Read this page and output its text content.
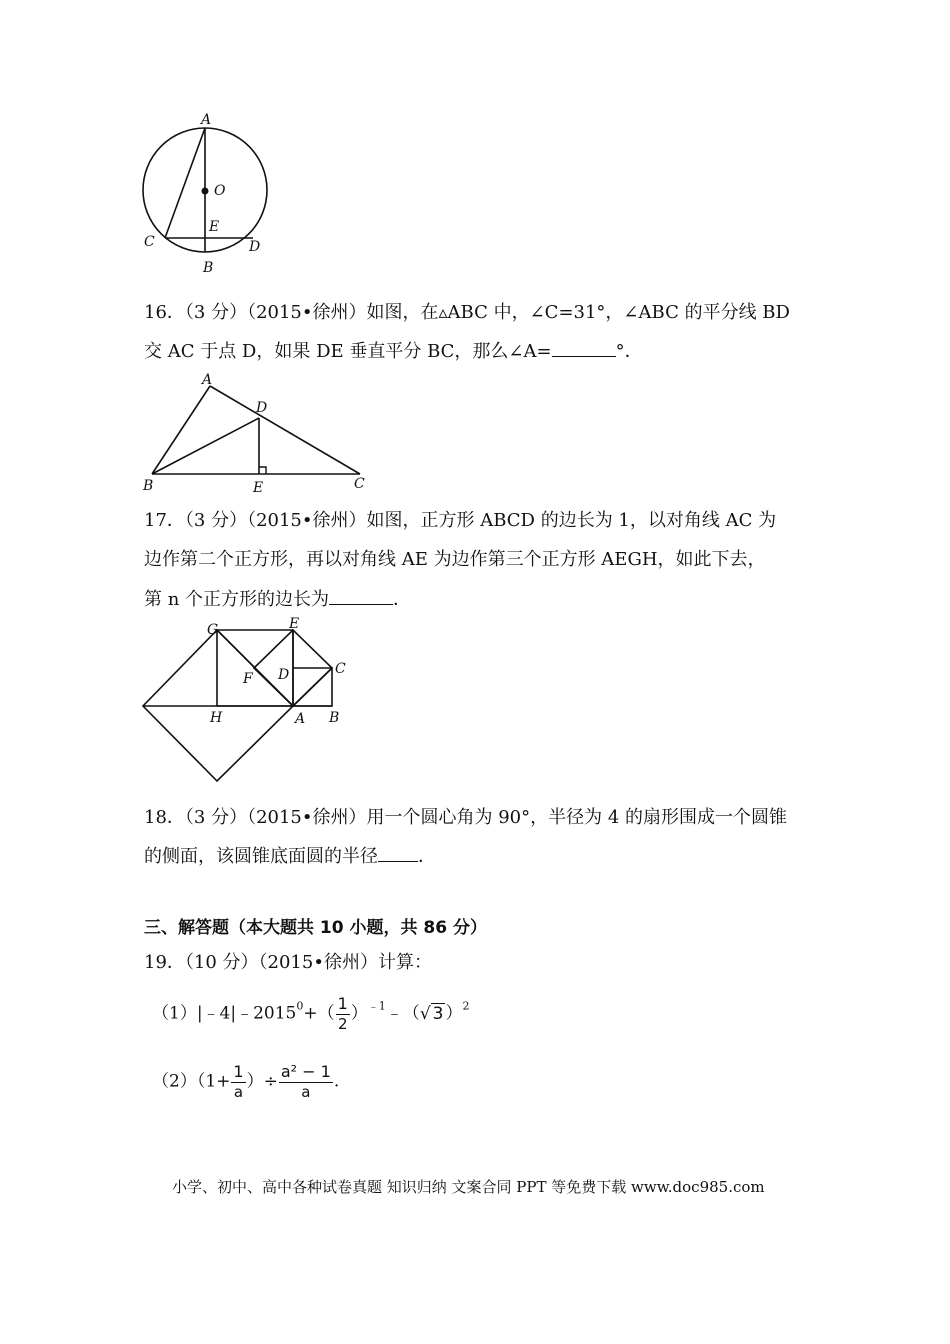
A
O
E
C	D
B
16．（3 分）（2015•徐州）如图，在▵ABC 中，∠C=31°，∠ABC 的平分线 BD
交 AC 于点 D，如果 DE 垂直平分 BC，那么∠A=	°．
A
D
B	E	C
17．（3 分）（2015•徐州）如图，正方形 ABCD 的边长为 1，以对角线 AC 为
边作第二个正方形，再以对角线 AE 为边作第三个正方形 AEGH，如此下去，
第 n 个正方形的边长为	．
G	E
C
D
F
H	A B
18．（3 分）（2015•徐州）用一个圆心角为 90°，半径为 4 的扇形围成一个圆锥
的侧面，该圆锥底面圆的半径 ．
三、解答题（本大题共 10 小题，共 86 分）
19．（10 分）（2015•徐州）计算：
$(1)|﹣4|﹣2015^0+( \frac{1}{2}$ ）$^{﹣1}$﹣（√ 3 ）$^2$
$(2)(1+ \frac{1}{a}$ ）÷ $\frac{\text{a² − 1}}{a}$ .
小学、初中、高中各种试卷真题 知识归纳 文案合同 PPT 等免费下载 www.doc985.com
